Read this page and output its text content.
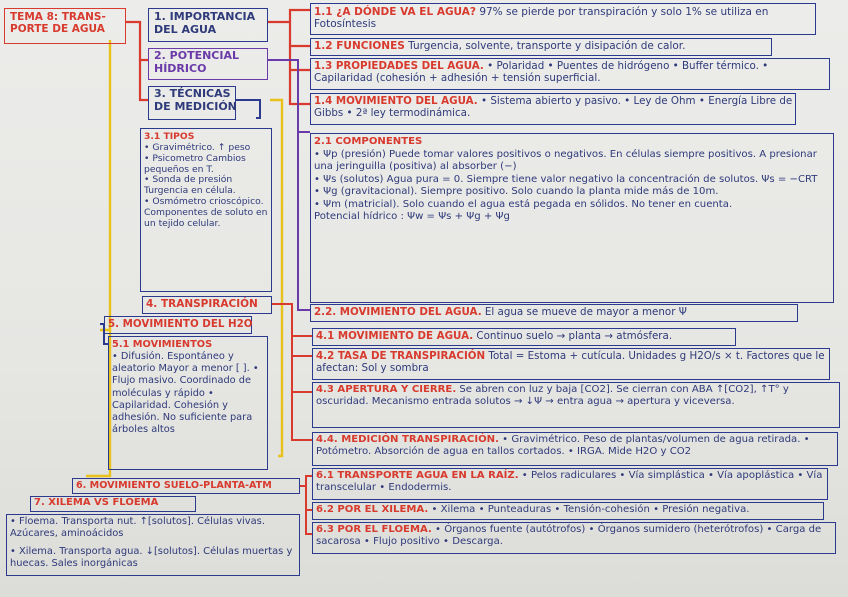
TEMA 8: TRANS-
PORTE DE AGUA
1. IMPORTANCIA DEL AGUA
2. POTENCIAL HÍDRICO
3. TÉCNICAS DE MEDICIÓN
3.1 TIPOS
• Gravimétrico. ↑ peso
• Psicometro Cambios pequeños en T.
• Sonda de presión Turgencia en célula.
• Osmómetro crioscópico. Componentes de soluto en un tejido celular.
1.1 ¿A DÓNDE VA EL AGUA? 97% se pierde por transpiración y solo 1% se utiliza en Fotosíntesis
1.2 FUNCIONES Turgencia, solvente, transporte y disipación de calor.
1.3 PROPIEDADES DEL AGUA. • Polaridad • Puentes de hidrógeno • Buffer térmico. • Capilaridad (cohesión + adhesión + tensión superficial.
1.4 MOVIMIENTO DEL AGUA. • Sistema abierto y pasivo. • Ley de Ohm • Energía Libre de Gibbs • 2ª ley termodinámica.
2.1 COMPONENTES
• Ψp (presión) Puede tomar valores positivos o negativos. En células siempre positivos. A presionar una jeringuilla (positiva) al absorber (−)
• Ψs (solutos) Agua pura = 0. Siempre tiene valor negativo la concentración de solutos. Ψs = −CRT
• Ψg (gravitacional). Siempre positivo. Solo cuando la planta mide más de 10m.
• Ψm (matricial). Solo cuando el agua está pegada en sólidos. No tener en cuenta.
Potencial hídrico : Ψw = Ψs + Ψg + Ψg
4. TRANSPIRACIÓN
2.2. MOVIMIENTO DEL AGUA. El agua se mueve de mayor a menor Ψ
5. MOVIMIENTO DEL H2O
5.1 MOVIMIENTOS
• Difusión. Espontáneo y aleatorio Mayor a menor [ ]. • Flujo masivo. Coordinado de moléculas y rápido • Capilaridad. Cohesión y adhesión. No suficiente para árboles altos
4.1 MOVIMIENTO DE AGUA. Continuo suelo → planta → atmósfera.
4.2 TASA DE TRANSPIRACIÓN Total = Estoma + cutícula. Unidades g H2O/s × t. Factores que le afectan: Sol y sombra
4.3 APERTURA Y CIERRE. Se abren con luz y baja [CO2]. Se cierran con ABA ↑[CO2], ↑T° y oscuridad. Mecanismo entrada solutos → ↓Ψ → entra agua → apertura y viceversa.
4.4. MEDICIÓN TRANSPIRACIÓN. • Gravimétrico. Peso de plantas/volumen de agua retirada. • Potómetro. Absorción de agua en tallos cortados. • IRGA. Mide H2O y CO2
6. MOVIMIENTO SUELO-PLANTA-ATM
7. XILEMA VS FLOEMA
• Floema. Transporta nut. ↑[solutos]. Células vivas. Azúcares, aminoácidos
• Xilema. Transporta agua. ↓[solutos]. Células muertas y huecas. Sales inorgánicas
6.1 TRANSPORTE AGUA EN LA RAÍZ. • Pelos radiculares • Vía simplástica • Vía apoplástica • Vía transcelular • Endodermis.
6.2 POR EL XILEMA. • Xilema • Punteaduras • Tensión-cohesión • Presión negativa.
6.3 POR EL FLOEMA. • Órganos fuente (autótrofos) • Órganos sumidero (heterótrofos) • Carga de sacarosa • Flujo positivo • Descarga.
